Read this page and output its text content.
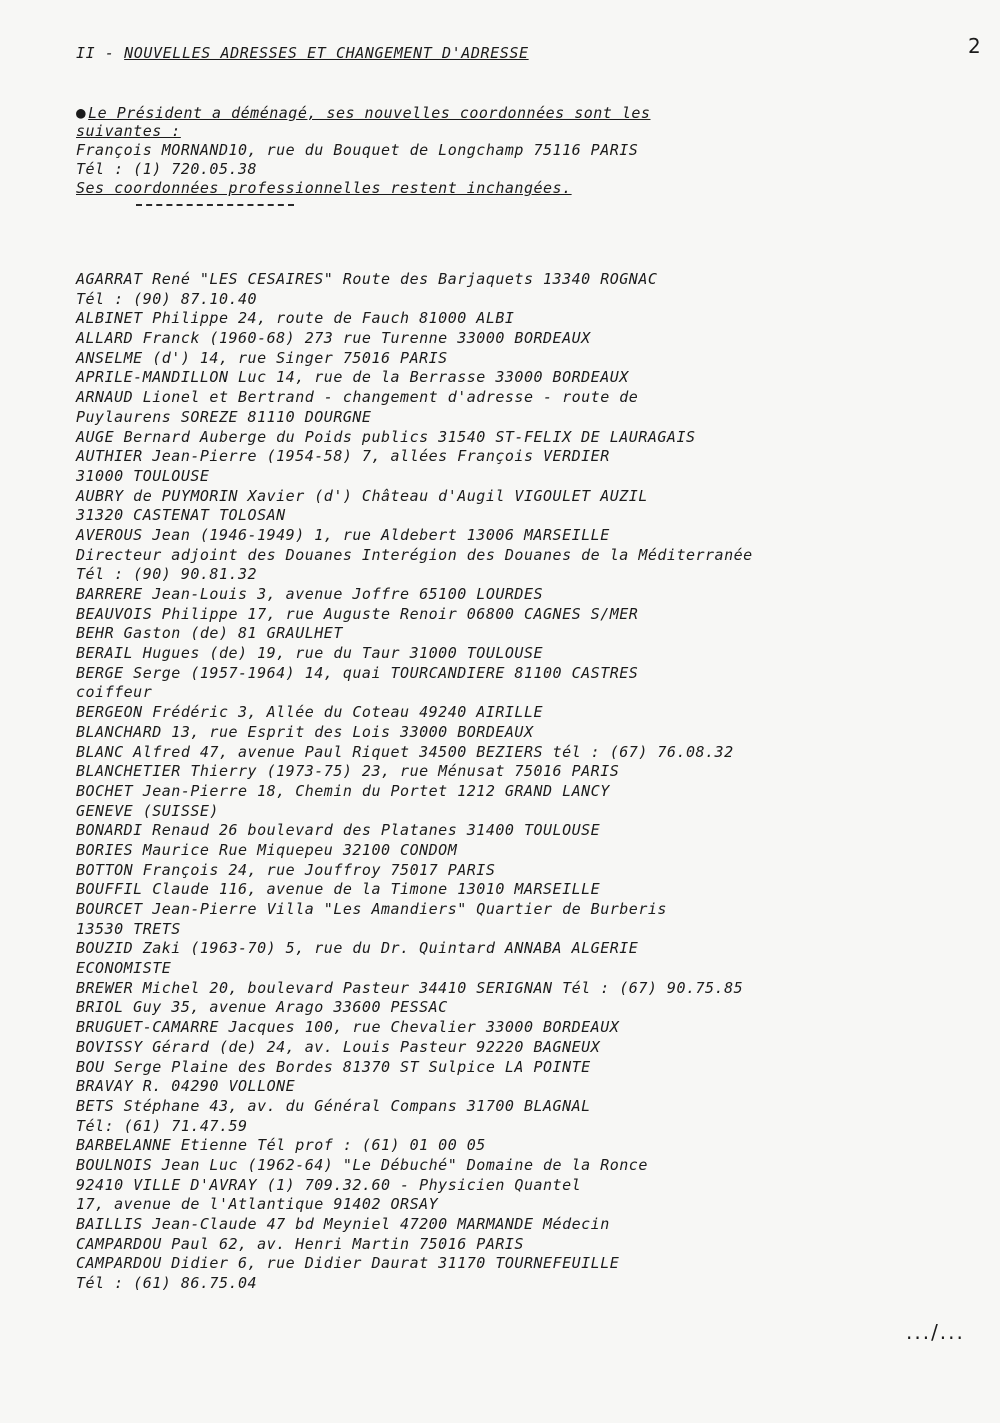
2
II - NOUVELLES ADRESSES ET CHANGEMENT D'ADRESSE
● Le Président a déménagé, ses nouvelles coordonnées sont les
suivantes :
François MORNAND10, rue du Bouquet de Longchamp 75116 PARIS
Tél : (1) 720.05.38
Ses coordonnées professionnelles restent inchangées.
AGARRAT René "LES CESAIRES" Route des Barjaquets 13340 ROGNAC
Tél : (90) 87.10.40
ALBINET Philippe 24, route de Fauch 81000 ALBI
ALLARD Franck (1960-68) 273 rue Turenne 33000 BORDEAUX
ANSELME (d') 14, rue Singer 75016 PARIS
APRILE-MANDILLON Luc 14, rue de la Berrasse 33000 BORDEAUX
ARNAUD Lionel et Bertrand - changement d'adresse - route de
Puylaurens SOREZE 81110 DOURGNE
AUGE Bernard Auberge du Poids publics 31540 ST-FELIX DE LAURAGAIS
AUTHIER Jean-Pierre (1954-58) 7, allées François VERDIER
31000 TOULOUSE
AUBRY de PUYMORIN Xavier (d') Château d'Augil VIGOULET AUZIL
31320 CASTENAT TOLOSAN
AVEROUS Jean (1946-1949) 1, rue Aldebert 13006 MARSEILLE
Directeur adjoint des Douanes Interégion des Douanes de la Méditerranée
Tél : (90) 90.81.32
BARRERE Jean-Louis 3, avenue Joffre 65100 LOURDES
BEAUVOIS Philippe 17, rue Auguste Renoir 06800 CAGNES S/MER
BEHR Gaston (de) 81 GRAULHET
BERAIL Hugues (de) 19, rue du Taur 31000 TOULOUSE
BERGE Serge (1957-1964) 14, quai TOURCANDIERE 81100 CASTRES
coiffeur
BERGEON Frédéric 3, Allée du Coteau 49240 AIRILLE
BLANCHARD 13, rue Esprit des Lois 33000 BORDEAUX
BLANC Alfred 47, avenue Paul Riquet 34500 BEZIERS tél : (67) 76.08.32
BLANCHETIER Thierry (1973-75) 23, rue Ménusat 75016 PARIS
BOCHET Jean-Pierre 18, Chemin du Portet 1212 GRAND LANCY
GENEVE (SUISSE)
BONARDI Renaud 26 boulevard des Platanes 31400 TOULOUSE
BORIES Maurice Rue Miquepeu 32100 CONDOM
BOTTON François 24, rue Jouffroy 75017 PARIS
BOUFFIL Claude 116, avenue de la Timone 13010 MARSEILLE
BOURCET Jean-Pierre Villa "Les Amandiers" Quartier de Burberis
13530 TRETS
BOUZID Zaki (1963-70) 5, rue du Dr. Quintard ANNABA ALGERIE
ECONOMISTE
BREWER Michel 20, boulevard Pasteur 34410 SERIGNAN Tél : (67) 90.75.85
BRIOL Guy 35, avenue Arago 33600 PESSAC
BRUGUET-CAMARRE Jacques 100, rue Chevalier 33000 BORDEAUX
BOVISSY Gérard (de) 24, av. Louis Pasteur 92220 BAGNEUX
BOU Serge Plaine des Bordes 81370 ST Sulpice LA POINTE
BRAVAY R. 04290 VOLLONE
BETS Stéphane 43, av. du Général Compans 31700 BLAGNAL
Tél: (61) 71.47.59
BARBELANNE Etienne Tél prof : (61) 01 00 05
BOULNOIS Jean Luc (1962-64) "Le Débuché" Domaine de la Ronce
92410 VILLE D'AVRAY (1) 709.32.60 - Physicien Quantel
17, avenue de l'Atlantique 91402 ORSAY
BAILLIS Jean-Claude 47 bd Meyniel 47200 MARMANDE Médecin
CAMPARDOU Paul 62, av. Henri Martin 75016 PARIS
CAMPARDOU Didier 6, rue Didier Daurat 31170 TOURNEFEUILLE
Tél : (61) 86.75.04
.../...
